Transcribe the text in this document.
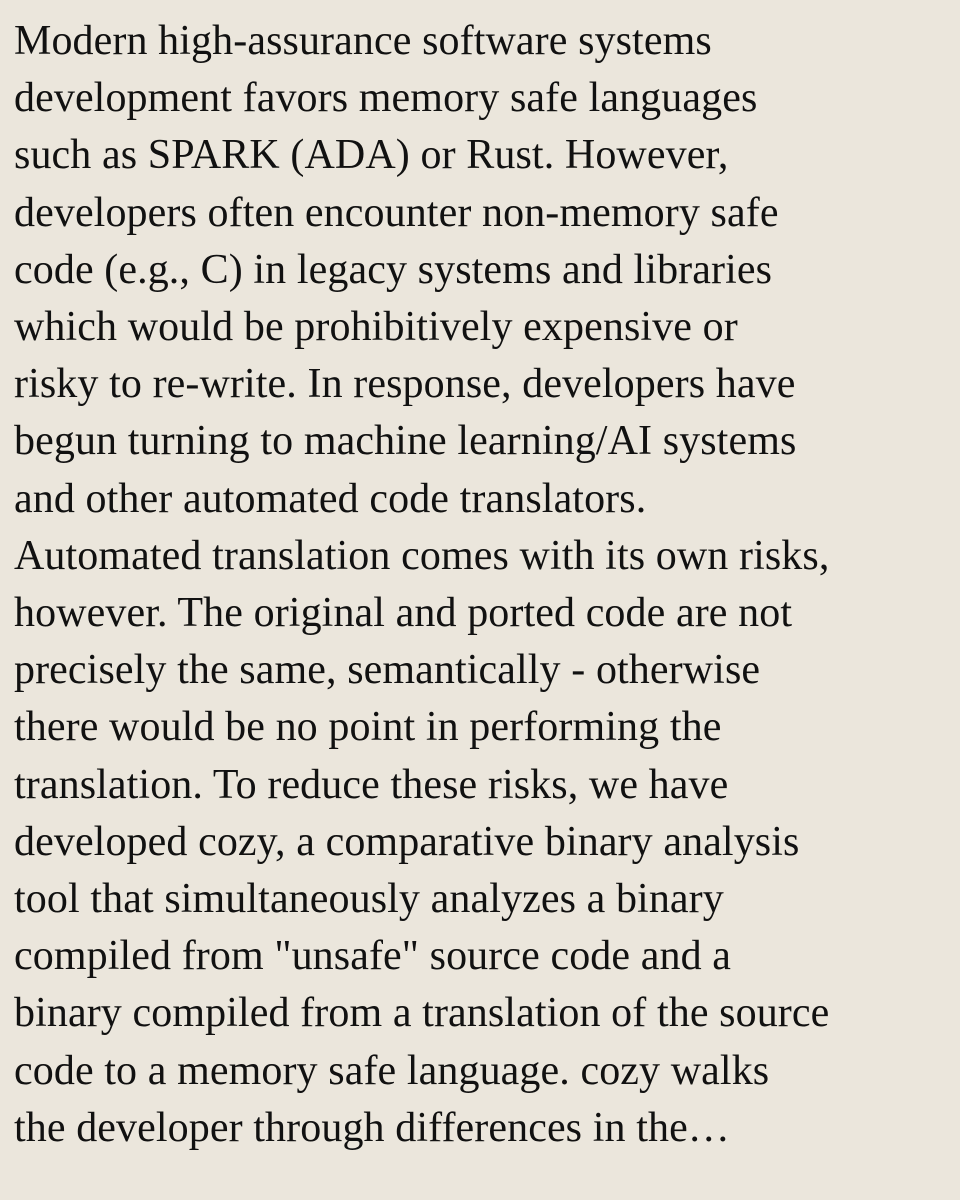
Modern high-assurance software systems
development favors memory safe languages
such as SPARK (ADA) or Rust. However,
developers often encounter non-memory safe
code (e.g., C) in legacy systems and libraries
which would be prohibitively expensive or
risky to re-write. In response, developers have
begun turning to machine learning/AI systems
and other automated code translators.
Automated translation comes with its own risks,
however. The original and ported code are not
precisely the same, semantically - otherwise
there would be no point in performing the
translation. To reduce these risks, we have
developed cozy, a comparative binary analysis
tool that simultaneously analyzes a binary
compiled from "unsafe" source code and a
binary compiled from a translation of the source
code to a memory safe language. cozy walks
the developer through differences in the…
